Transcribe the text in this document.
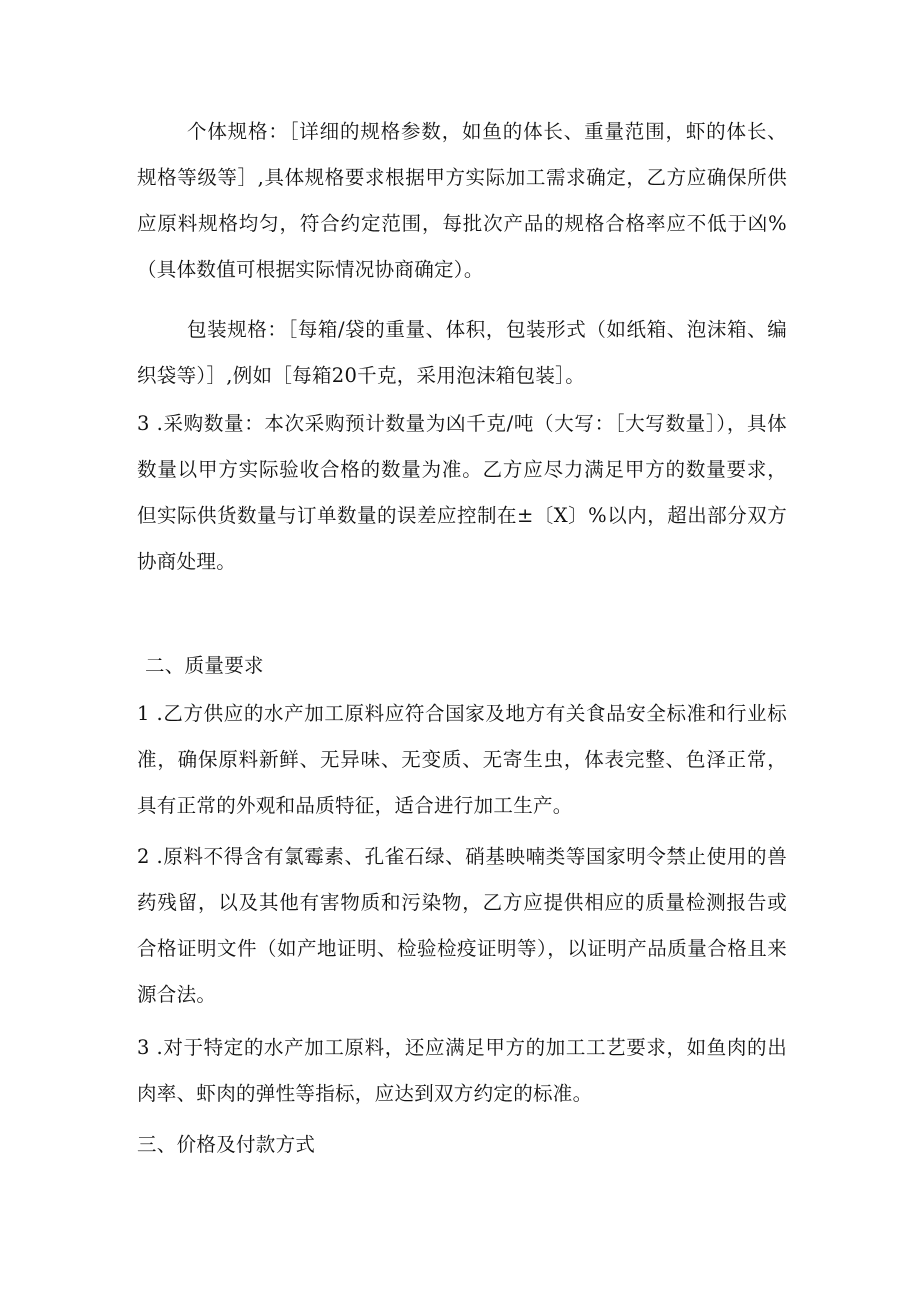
个体规格：［详细的规格参数，如鱼的体长、重量范围，虾的体长、规格等级等］,具体规格要求根据甲方实际加工需求确定，乙方应确保所供应原料规格均匀，符合约定范围，每批次产品的规格合格率应不低于凶%（具体数值可根据实际情况协商确定）。

包装规格：［每箱/袋的重量、体积，包装形式（如纸箱、泡沫箱、编织袋等）］,例如［每箱20千克，采用泡沫箱包装］。

3 .采购数量：本次采购预计数量为凶千克/吨（大写：［大写数量］），具体数量以甲方实际验收合格的数量为准。乙方应尽力满足甲方的数量要求，但实际供货数量与订单数量的误差应控制在±〔X〕%以内，超出部分双方协商处理。

二、质量要求

1 .乙方供应的水产加工原料应符合国家及地方有关食品安全标准和行业标准，确保原料新鲜、无异味、无变质、无寄生虫，体表完整、色泽正常，具有正常的外观和品质特征，适合进行加工生产。

2 .原料不得含有氯霉素、孔雀石绿、硝基映喃类等国家明令禁止使用的兽药残留，以及其他有害物质和污染物，乙方应提供相应的质量检测报告或合格证明文件（如产地证明、检验检疫证明等），以证明产品质量合格且来源合法。

3 .对于特定的水产加工原料，还应满足甲方的加工工艺要求，如鱼肉的出肉率、虾肉的弹性等指标，应达到双方约定的标准。

三、价格及付款方式
